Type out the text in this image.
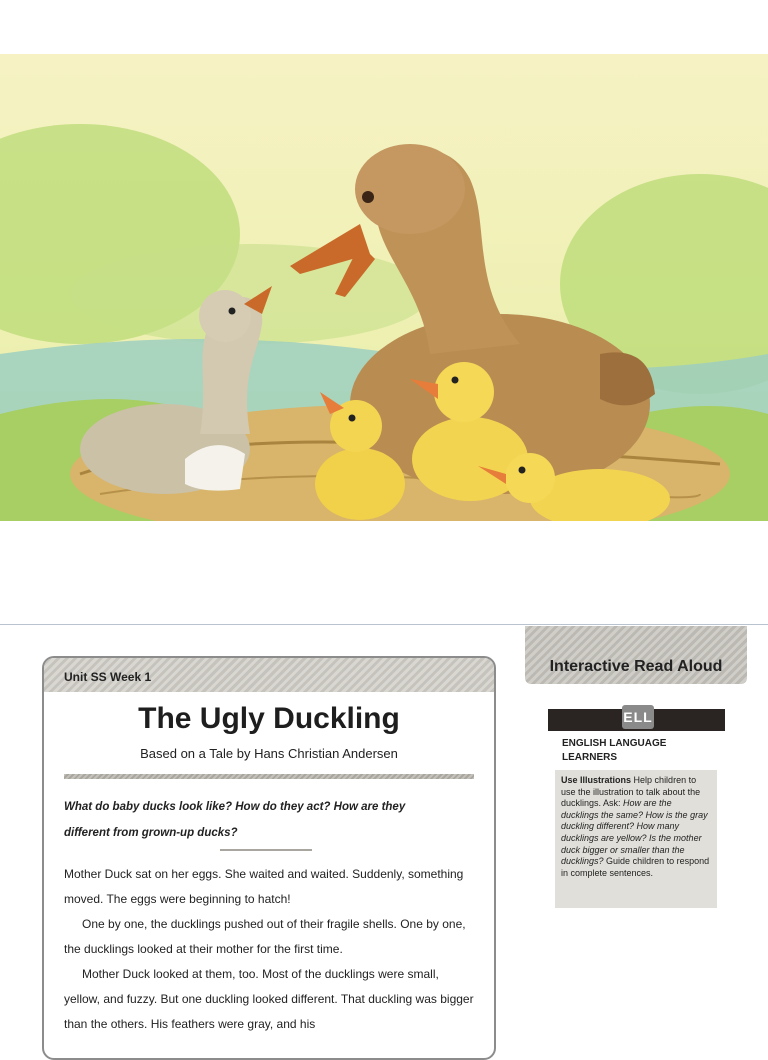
Unit SS Week 1
The Ugly Duckling
Based on a Tale by Hans Christian Andersen
What do baby ducks look like? How do they act? How are they
different from grown-up ducks?

Mother Duck sat on her eggs. She waited and waited. Suddenly, something moved. The eggs were beginning to hatch!

One by one, the ducklings pushed out of their fragile shells. One by one, the ducklings looked at their mother for the first time.

Mother Duck looked at them, too. Most of the ducklings were small, yellow, and fuzzy. But one duckling looked different. That duckling was bigger than the others. His feathers were gray, and his

Interactive Read Aloud
ELL
ENGLISH LANGUAGE LEARNERS
Use Illustrations Help children to use the illustration to talk about the ducklings. Ask: How are the ducklings the same? How is the gray duckling different? How many ducklings are yellow? Is the mother duck bigger or smaller than the ducklings? Guide children to respond in complete sentences.
